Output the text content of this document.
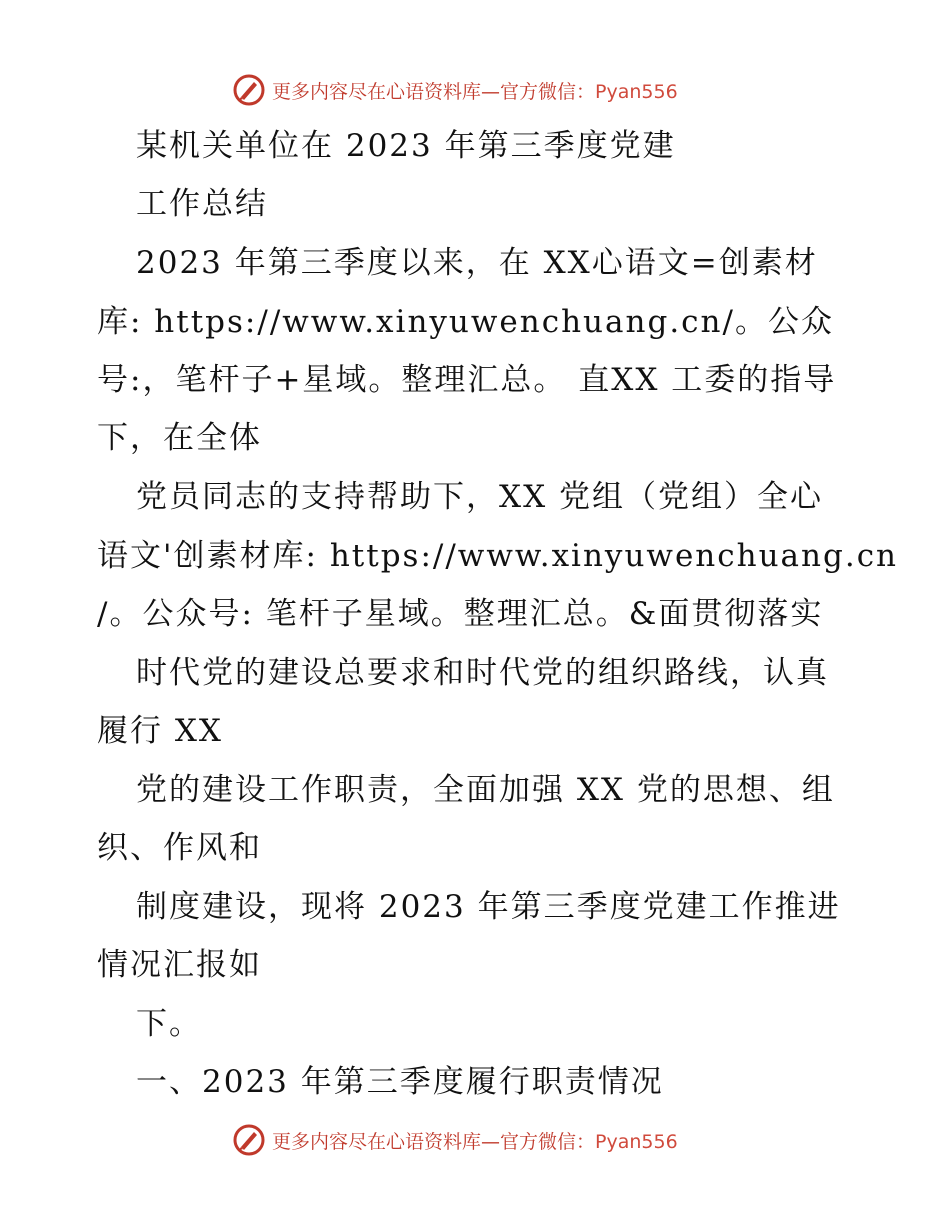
更多内容尽在心语资料库—官方微信：Pyan556
某机关单位在 2023 年第三季度党建
工作总结
2023 年第三季度以来，在 XX心语文=创素材
库: https://www.xinyuwenchuang.cn/。公众
号:，笔杆子+星域。整理汇总。 直XX 工委的指导
下，在全体
党员同志的支持帮助下，XX 党组（党组）全心
语文'创素材库: https://www.xinyuwenchuang.cn
/。公众号: 笔杆子星域。整理汇总。&面贯彻落实
时代党的建设总要求和时代党的组织路线，认真
履行 XX
党的建设工作职责，全面加强 XX 党的思想、组
织、作风和
制度建设，现将 2023 年第三季度党建工作推进
情况汇报如
下。
一、2023 年第三季度履行职责情况
更多内容尽在心语资料库—官方微信：Pyan556
